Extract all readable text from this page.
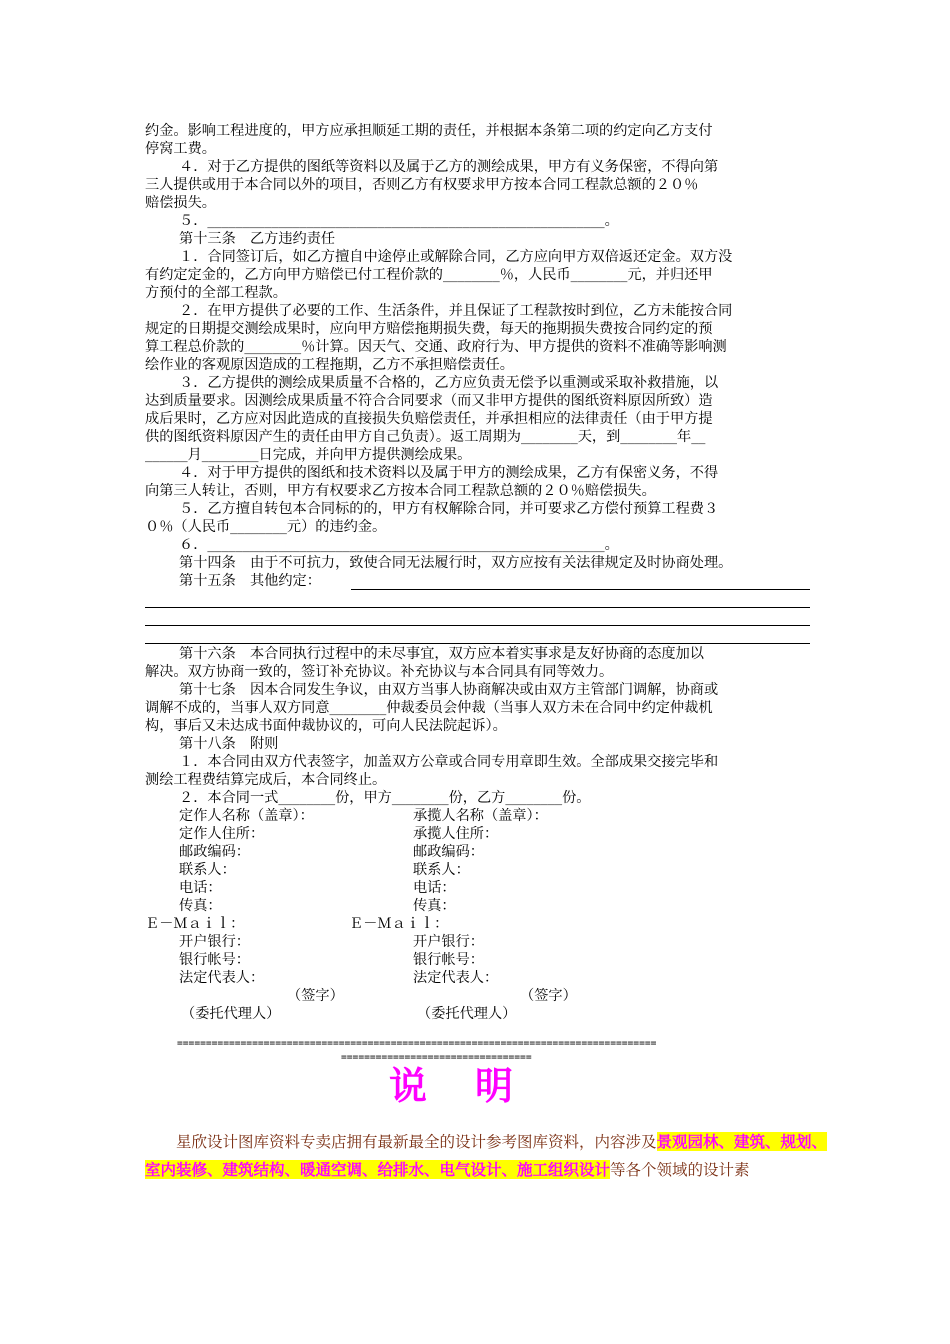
约金。影响工程进度的，甲方应承担顺延工期的责任，并根据本条第二项的约定向乙方支付
停窝工费。
４．对于乙方提供的图纸等资料以及属于乙方的测绘成果，甲方有义务保密，不得向第
三人提供或用于本合同以外的项目，否则乙方有权要求甲方按本合同工程款总额的２０％
赔偿损失。
５．________________________________________________________。
第十三条　乙方违约责任
１．合同签订后，如乙方擅自中途停止或解除合同，乙方应向甲方双倍返还定金。双方没
有约定定金的，乙方向甲方赔偿已付工程价款的________％，人民币________元，并归还甲
方预付的全部工程款。
２．在甲方提供了必要的工作、生活条件，并且保证了工程款按时到位，乙方未能按合同
规定的日期提交测绘成果时，应向甲方赔偿拖期损失费，每天的拖期损失费按合同约定的预
算工程总价款的________％计算。因天气、交通、政府行为、甲方提供的资料不准确等影响测
绘作业的客观原因造成的工程拖期，乙方不承担赔偿责任。
３．乙方提供的测绘成果质量不合格的，乙方应负责无偿予以重测或采取补救措施，以
达到质量要求。因测绘成果质量不符合合同要求（而又非甲方提供的图纸资料原因所致）造
成后果时，乙方应对因此造成的直接损失负赔偿责任，并承担相应的法律责任（由于甲方提
供的图纸资料原因产生的责任由甲方自己负责）。返工周期为________天，到________年__
______月________日完成，并向甲方提供测绘成果。
４．对于甲方提供的图纸和技术资料以及属于甲方的测绘成果，乙方有保密义务，不得
向第三人转让，否则，甲方有权要求乙方按本合同工程款总额的２０％赔偿损失。
５．乙方擅自转包本合同标的的，甲方有权解除合同，并可要求乙方偿付预算工程费３
０％（人民币________元）的违约金。
６．________________________________________________________。
第十四条　由于不可抗力，致使合同无法履行时，双方应按有关法律规定及时协商处理。
第十五条　其他约定：
第十六条　本合同执行过程中的未尽事宜，双方应本着实事求是友好协商的态度加以
解决。双方协商一致的，签订补充协议。补充协议与本合同具有同等效力。
第十七条　因本合同发生争议，由双方当事人协商解决或由双方主管部门调解，协商或
调解不成的，当事人双方同意________仲裁委员会仲裁（当事人双方未在合同中约定仲裁机
构，事后又未达成书面仲裁协议的，可向人民法院起诉）。
第十八条　附则
１．本合同由双方代表签字，加盖双方公章或合同专用章即生效。全部成果交接完毕和
测绘工程费结算完成后，本合同终止。
２．本合同一式________份，甲方________份，乙方________份。
定作人名称（盖章）：	承揽人名称（盖章）：
定作人住所：	承揽人住所：
邮政编码：	邮政编码：
联系人：	联系人：
电话：	电话：
传真：	传真：
Ｅ－Ｍａｉｌ：	Ｅ－Ｍａｉｌ：
开户银行：	开户银行：
银行帐号：	银行帐号：
法定代表人：	法定代表人：
（签字）	（签字）
（委托代理人）	（委托代理人）
===================================================================================
=================================
说明
星欣设计图库资料专卖店拥有最新最全的设计参考图库资料，内容涉及景观园林、建筑、规划、室内装修、建筑结构、暖通空调、给排水、电气设计、施工组织设计等各个领域的设计素
